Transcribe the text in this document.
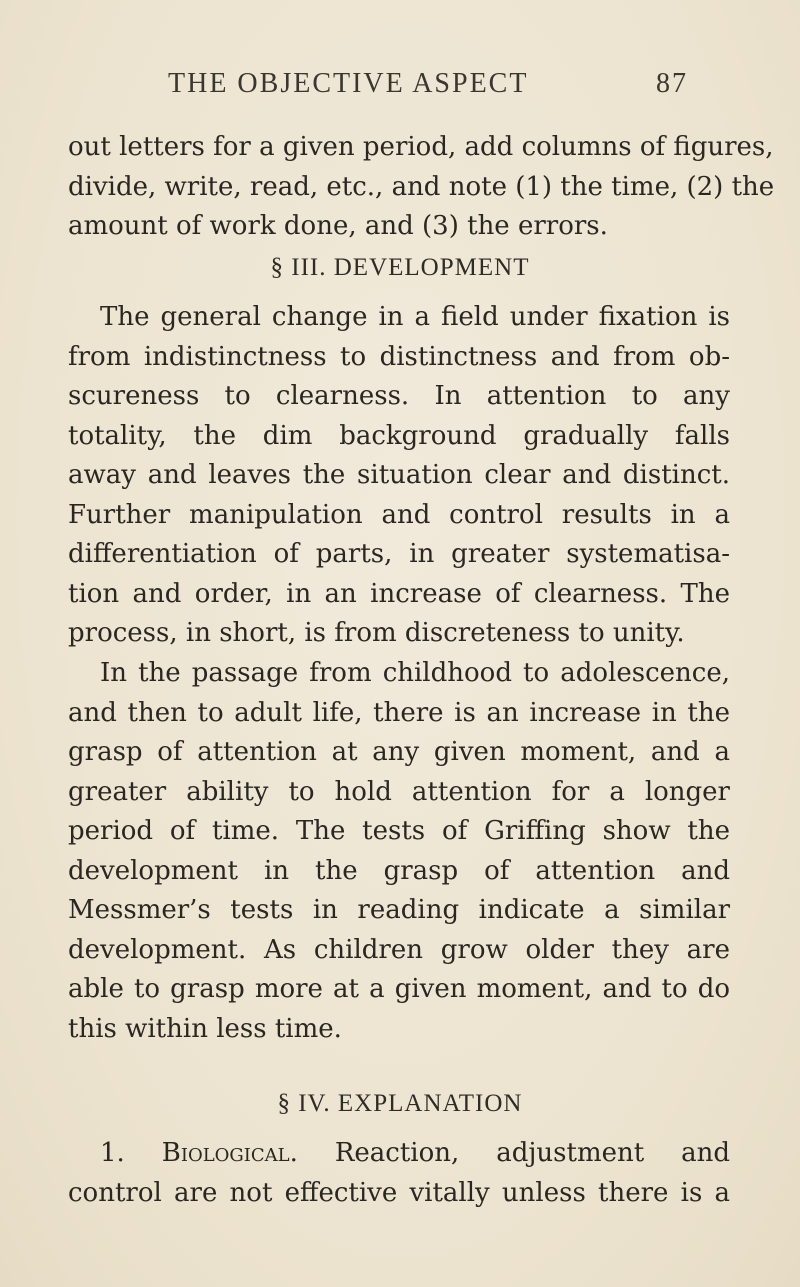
THE OBJECTIVE ASPECT	87
out letters for a given period, add columns of figures,
divide, write, read, etc., and note (1) the time, (2) the
amount of work done, and (3) the errors.
§ III. DEVELOPMENT
The general change in a field under fixation is
from indistinctness to distinctness and from ob-
scureness to clearness. In attention to any
totality, the dim background gradually falls
away and leaves the situation clear and distinct.
Further manipulation and control results in a
differentiation of parts, in greater systematisa-
tion and order, in an increase of clearness. The
process, in short, is from discreteness to unity.
In the passage from childhood to adolescence,
and then to adult life, there is an increase in the
grasp of attention at any given moment, and a
greater ability to hold attention for a longer
period of time. The tests of Griffing show the
development in the grasp of attention and
Messmer’s tests in reading indicate a similar
development. As children grow older they are
able to grasp more at a given moment, and to do
this within less time.
§ IV. EXPLANATION
1. Biological. Reaction, adjustment and
control are not effective vitally unless there is a
